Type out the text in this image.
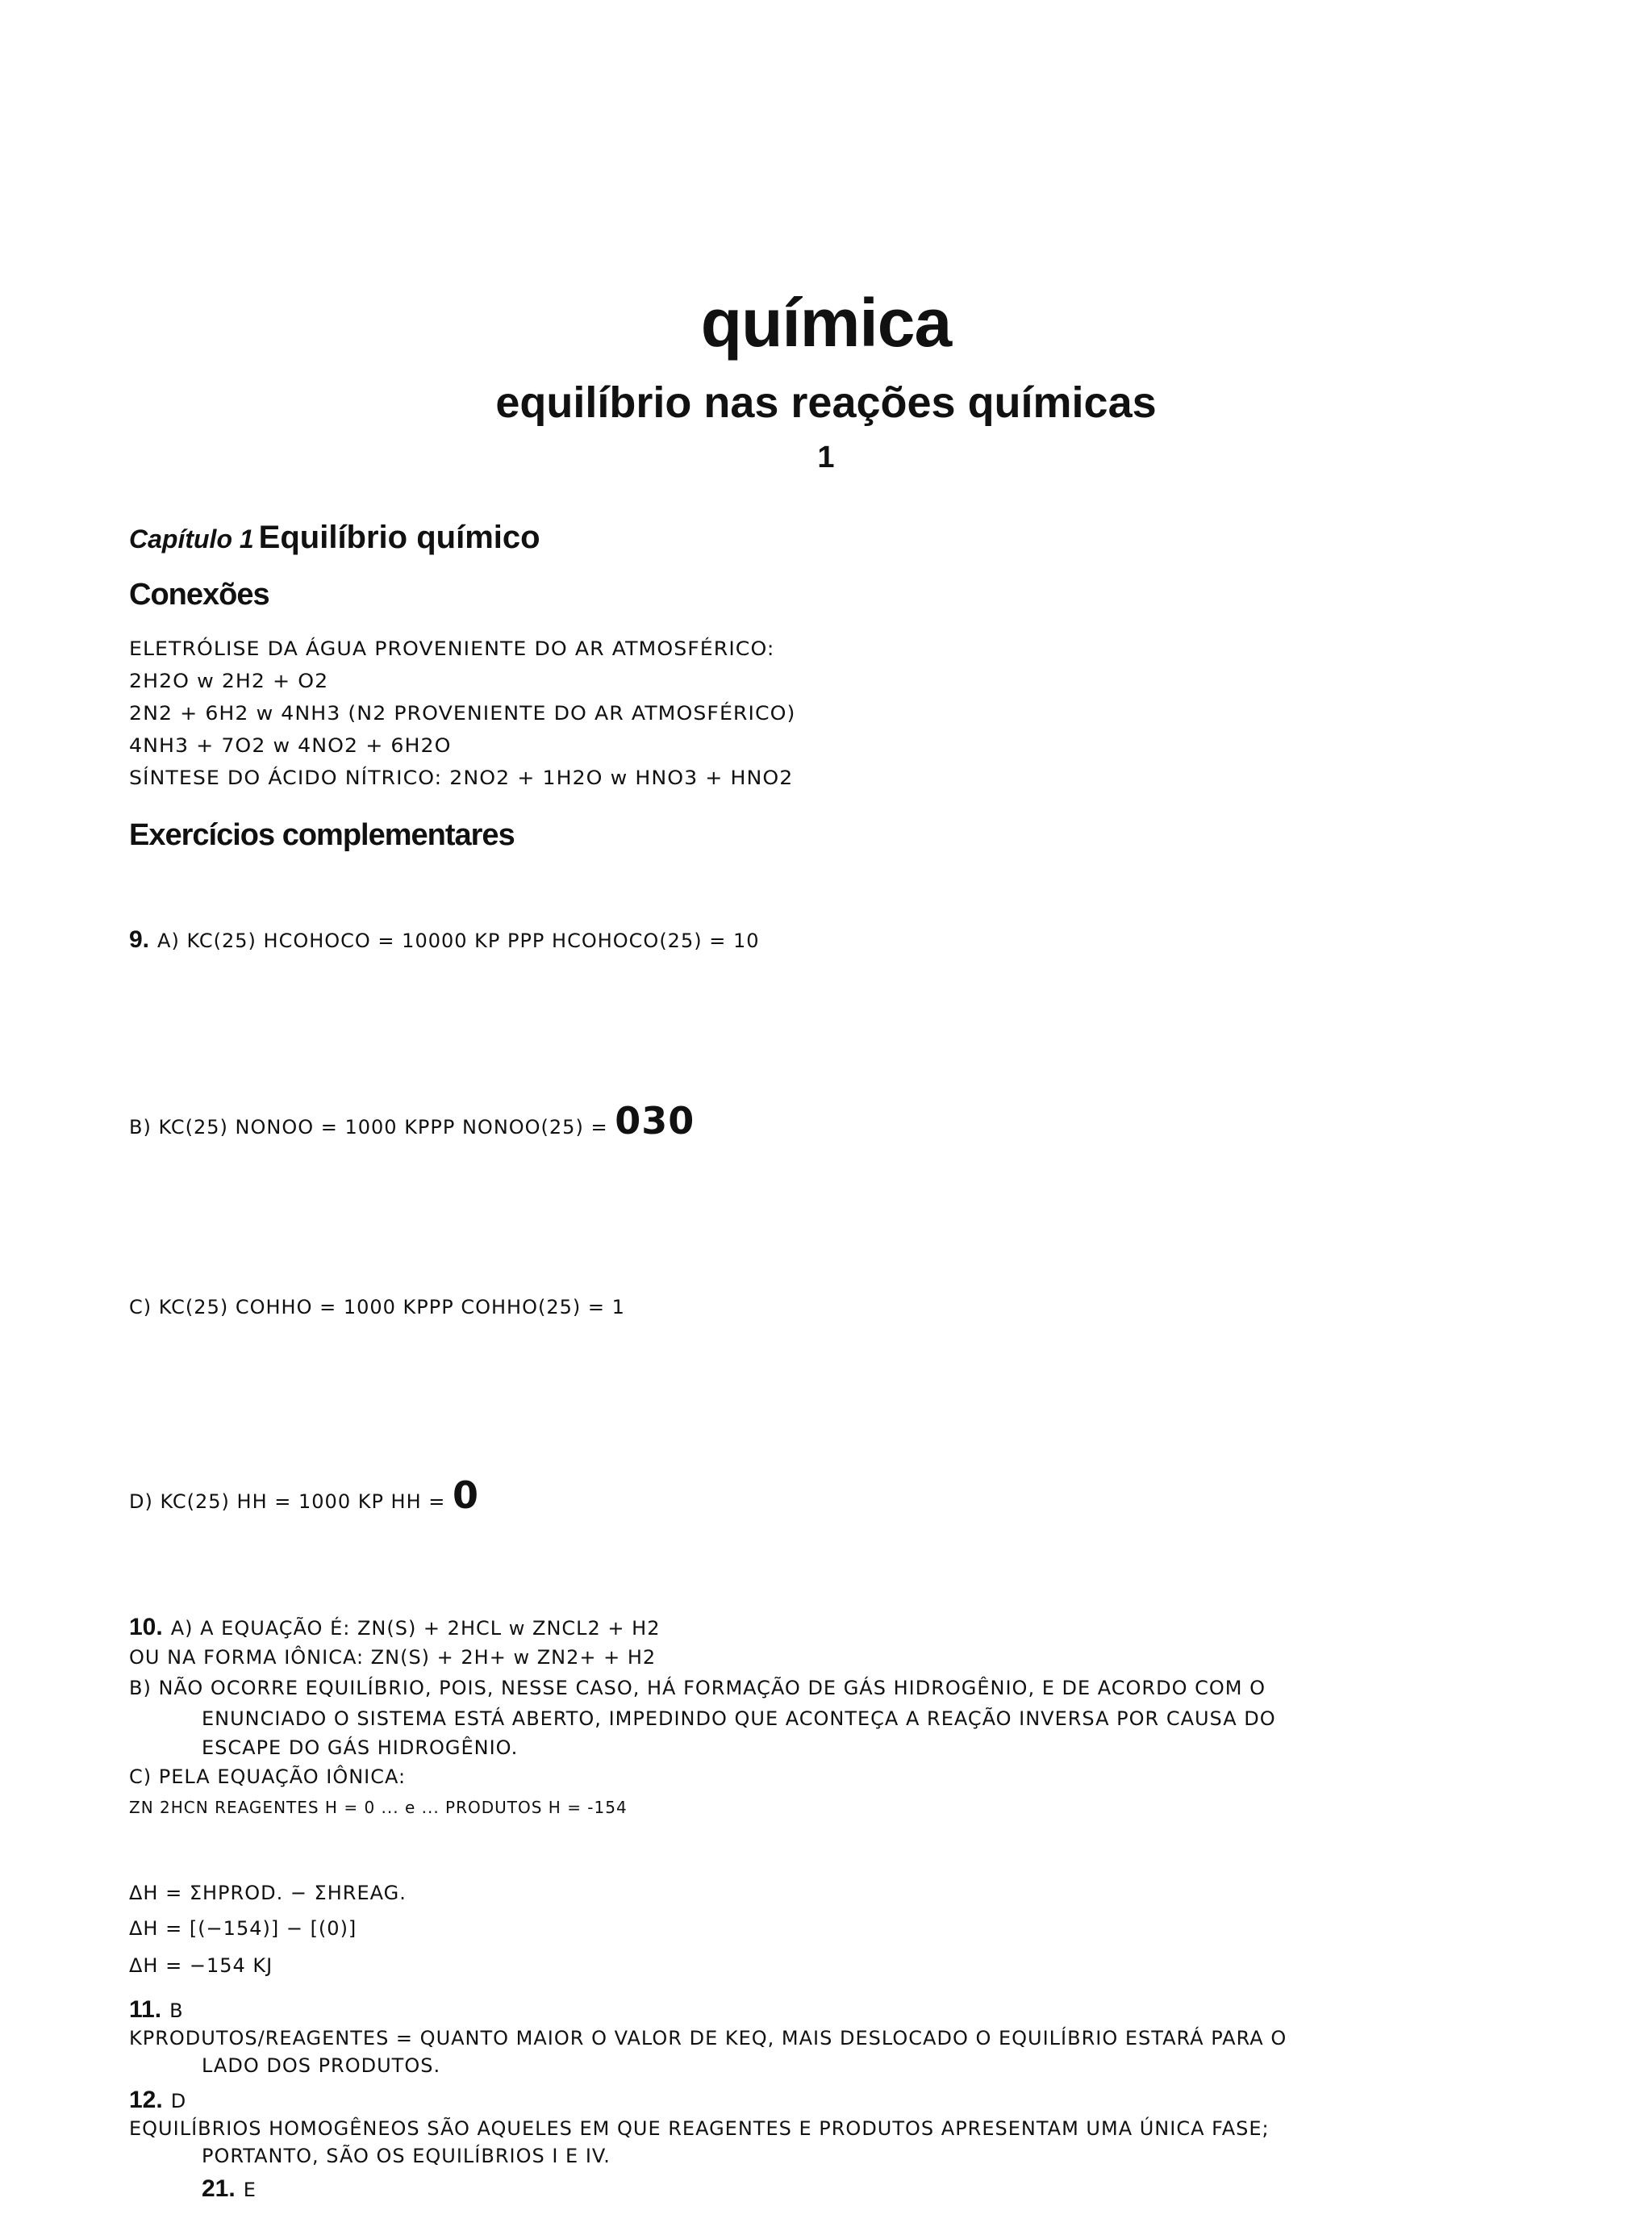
química
equilíbrio nas reações químicas
1
Capítulo 1 Equilíbrio químico
Conexões
ELETRÓLISE DA ÁGUA PROVENIENTE DO AR ATMOSFÉRICO:
2H2O w 2H2 + O2
2N2 + 6H2 w 4NH3 (N2 PROVENIENTE DO AR ATMOSFÉRICO)
4NH3 + 7O2 w 4NO2 + 6H2O
SÍNTESE DO ÁCIDO NÍTRICO: 2NO2 + 1H2O w HNO3 + HNO2
Exercícios complementares
9. A) KC(25) HCOHOCO = 10000 KP PPP HCOHOCO(25) = 10
B) KC(25) NONOO = 1000 KPPP NONOO(25) = 030
C) KC(25) COHHO = 1000 KPPP COHHO(25) = 1
D) KC(25) HH = 1000 KP HH = 0
10. A) A EQUAÇÃO É: ZN(S) + 2HCL w ZNCL2 + H2
OU NA FORMA IÔNICA: ZN(S) + 2H+ w ZN2+ + H2
B) NÃO OCORRE EQUILÍBRIO, POIS, NESSE CASO, HÁ FORMAÇÃO DE GÁS HIDROGÊNIO, E DE ACORDO COM O
ENUNCIADO O SISTEMA ESTÁ ABERTO, IMPEDINDO QUE ACONTEÇA A REAÇÃO INVERSA POR CAUSA DO
ESCAPE DO GÁS HIDROGÊNIO.
C) PELA EQUAÇÃO IÔNICA:
ZN 2HCN REAGENTES H = 0 ... e ... PRODUTOS H = -154
ΔH = ΣHPROD. − ΣHREAG.
ΔH = [(−154)] − [(0)]
ΔH = −154 KJ
11. B
KPRODUTOS/REAGENTES = QUANTO MAIOR O VALOR DE KEQ, MAIS DESLOCADO O EQUILÍBRIO ESTARÁ PARA O
LADO DOS PRODUTOS.
12. D
EQUILÍBRIOS HOMOGÊNEOS SÃO AQUELES EM QUE REAGENTES E PRODUTOS APRESENTAM UMA ÚNICA FASE;
PORTANTO, SÃO OS EQUILÍBRIOS I E IV.
21. E
